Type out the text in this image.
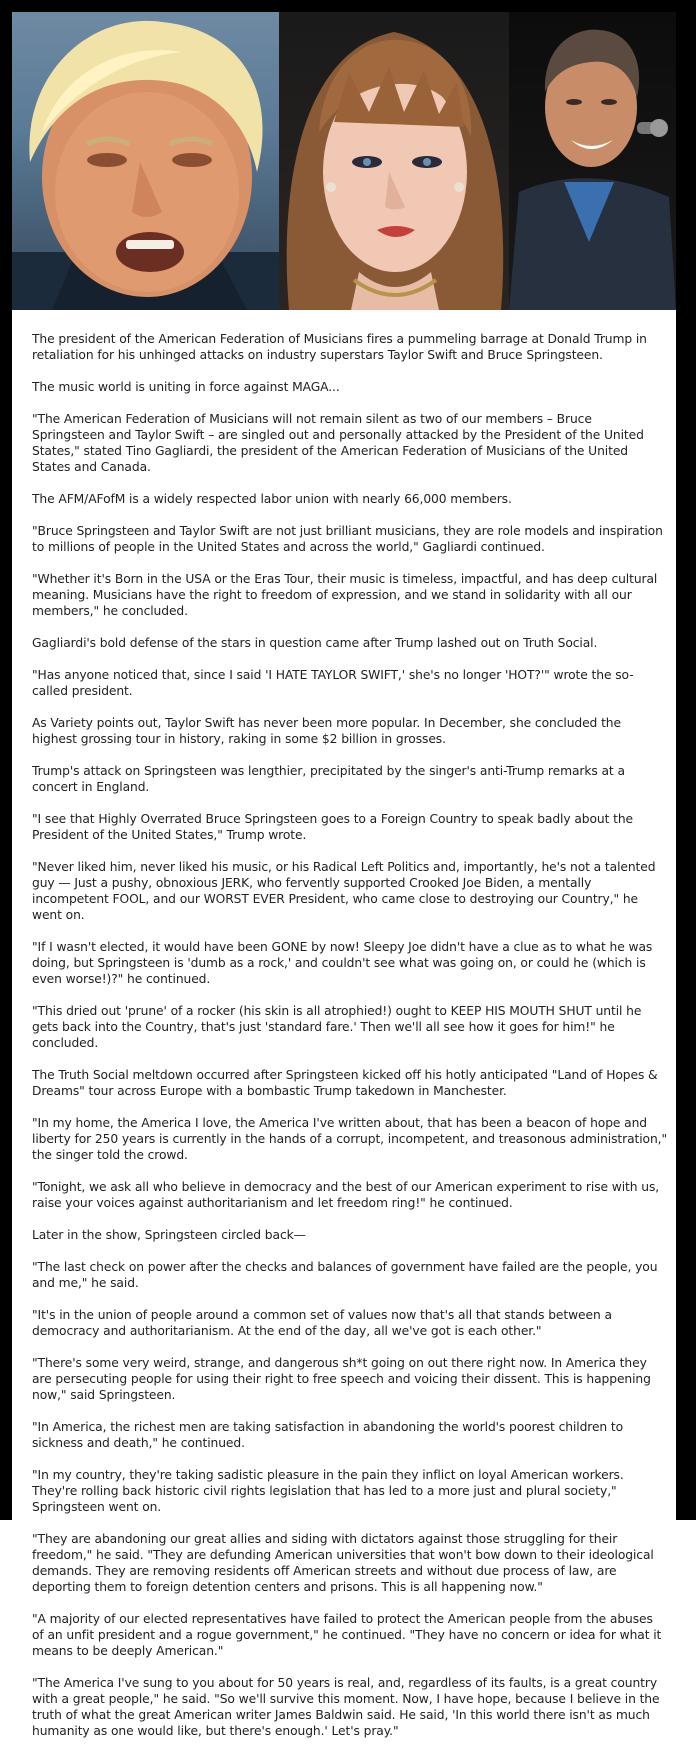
The president of the American Federation of Musicians fires a pummeling barrage at Donald Trump in retaliation for his unhinged attacks on industry superstars Taylor Swift and Bruce Springsteen.

The music world is uniting in force against MAGA...

"The American Federation of Musicians will not remain silent as two of our members – Bruce Springsteen and Taylor Swift – are singled out and personally attacked by the President of the United States," stated Tino Gagliardi, the president of the American Federation of Musicians of the United States and Canada.

The AFM/AFofM is a widely respected labor union with nearly 66,000 members.

"Bruce Springsteen and Taylor Swift are not just brilliant musicians, they are role models and inspiration to millions of people in the United States and across the world," Gagliardi continued.

"Whether it's Born in the USA or the Eras Tour, their music is timeless, impactful, and has deep cultural meaning. Musicians have the right to freedom of expression, and we stand in solidarity with all our members," he concluded.

Gagliardi's bold defense of the stars in question came after Trump lashed out on Truth Social.

"Has anyone noticed that, since I said 'I HATE TAYLOR SWIFT,' she's no longer 'HOT?'" wrote the so-called president.

As Variety points out, Taylor Swift has never been more popular. In December, she concluded the highest grossing tour in history, raking in some $2 billion in grosses.

Trump's attack on Springsteen was lengthier, precipitated by the singer's anti-Trump remarks at a concert in England.

"I see that Highly Overrated Bruce Springsteen goes to a Foreign Country to speak badly about the President of the United States," Trump wrote.

"Never liked him, never liked his music, or his Radical Left Politics and, importantly, he's not a talented guy — Just a pushy, obnoxious JERK, who fervently supported Crooked Joe Biden, a mentally incompetent FOOL, and our WORST EVER President, who came close to destroying our Country," he went on.

"If I wasn't elected, it would have been GONE by now! Sleepy Joe didn't have a clue as to what he was doing, but Springsteen is 'dumb as a rock,' and couldn't see what was going on, or could he (which is even worse!)?" he continued.

"This dried out 'prune' of a rocker (his skin is all atrophied!) ought to KEEP HIS MOUTH SHUT until he gets back into the Country, that's just 'standard fare.' Then we'll all see how it goes for him!" he concluded.

The Truth Social meltdown occurred after Springsteen kicked off his hotly anticipated "Land of Hopes & Dreams" tour across Europe with a bombastic Trump takedown in Manchester.

"In my home, the America I love, the America I've written about, that has been a beacon of hope and liberty for 250 years is currently in the hands of a corrupt, incompetent, and treasonous administration," the singer told the crowd.

"Tonight, we ask all who believe in democracy and the best of our American experiment to rise with us, raise your voices against authoritarianism and let freedom ring!" he continued.

Later in the show, Springsteen circled back—

"The last check on power after the checks and balances of government have failed are the people, you and me," he said.

"It's in the union of people around a common set of values now that's all that stands between a democracy and authoritarianism. At the end of the day, all we've got is each other."

"There's some very weird, strange, and dangerous sh*t going on out there right now. In America they are persecuting people for using their right to free speech and voicing their dissent. This is happening now," said Springsteen.

"In America, the richest men are taking satisfaction in abandoning the world's poorest children to sickness and death," he continued.

"In my country, they're taking sadistic pleasure in the pain they inflict on loyal American workers. They're rolling back historic civil rights legislation that has led to a more just and plural society," Springsteen went on.

"They are abandoning our great allies and siding with dictators against those struggling for their freedom," he said. "They are defunding American universities that won't bow down to their ideological demands. They are removing residents off American streets and without due process of law, are deporting them to foreign detention centers and prisons. This is all happening now."

"A majority of our elected representatives have failed to protect the American people from the abuses of an unfit president and a rogue government," he continued. "They have no concern or idea for what it means to be deeply American."

"The America I've sung to you about for 50 years is real, and, regardless of its faults, is a great country with a great people," he said. "So we'll survive this moment. Now, I have hope, because I believe in the truth of what the great American writer James Baldwin said. He said, 'In this world there isn't as much humanity as one would like, but there's enough.' Let's pray."
